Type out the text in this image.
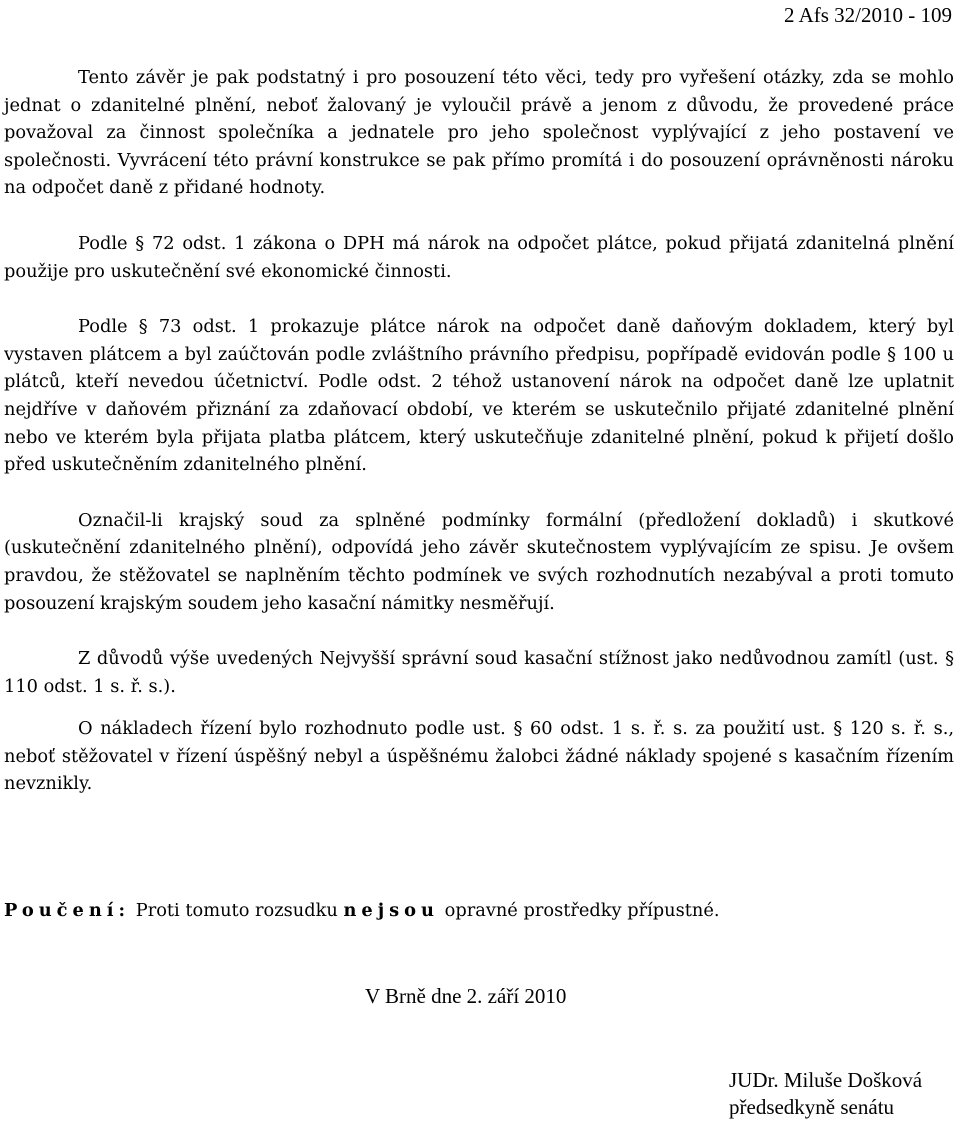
2 Afs 32/2010 - 109

Tento závěr je pak podstatný i pro posouzení této věci, tedy pro vyřešení otázky, zda se mohlo jednat o zdanitelné plnění, neboť žalovaný je vyloučil právě a jenom z důvodu, že provedené práce považoval za činnost společníka a jednatele pro jeho společnost vyplývající z jeho postavení ve společnosti. Vyvrácení této právní konstrukce se pak přímo promítá i do posouzení oprávněnosti nároku na odpočet daně z přidané hodnoty.

Podle § 72 odst. 1 zákona o DPH má nárok na odpočet plátce, pokud přijatá zdanitelná plnění použije pro uskutečnění své ekonomické činnosti.

Podle § 73 odst. 1 prokazuje plátce nárok na odpočet daně daňovým dokladem, který byl vystaven plátcem a byl zaúčtován podle zvláštního právního předpisu, popřípadě evidován podle § 100 u plátců, kteří nevedou účetnictví. Podle odst. 2 téhož ustanovení nárok na odpočet daně lze uplatnit nejdříve v daňovém přiznání za zdaňovací období, ve kterém se uskutečnilo přijaté zdanitelné plnění nebo ve kterém byla přijata platba plátcem, který uskutečňuje zdanitelné plnění, pokud k přijetí došlo před uskutečněním zdanitelného plnění.

Označil-li krajský soud za splněné podmínky formální (předložení dokladů) i skutkové (uskutečnění zdanitelného plnění), odpovídá jeho závěr skutečnostem vyplývajícím ze spisu. Je ovšem pravdou, že stěžovatel se naplněním těchto podmínek ve svých rozhodnutích nezabýval a proti tomuto posouzení krajským soudem jeho kasační námitky nesměřují.

Z důvodů výše uvedených Nejvyšší správní soud kasační stížnost jako nedůvodnou zamítl (ust. § 110 odst. 1 s. ř. s.).

O nákladech řízení bylo rozhodnuto podle ust. § 60 odst. 1 s. ř. s. za použití ust. § 120 s. ř. s., neboť stěžovatel v řízení úspěšný nebyl a úspěšnému žalobci žádné náklady spojené s kasačním řízením nevznikly.

Poučení: Proti tomuto rozsudku nejsou opravné prostředky přípustné.
V Brně dne 2. září 2010
JUDr. Miluše Došková
předsedkyně senátu
